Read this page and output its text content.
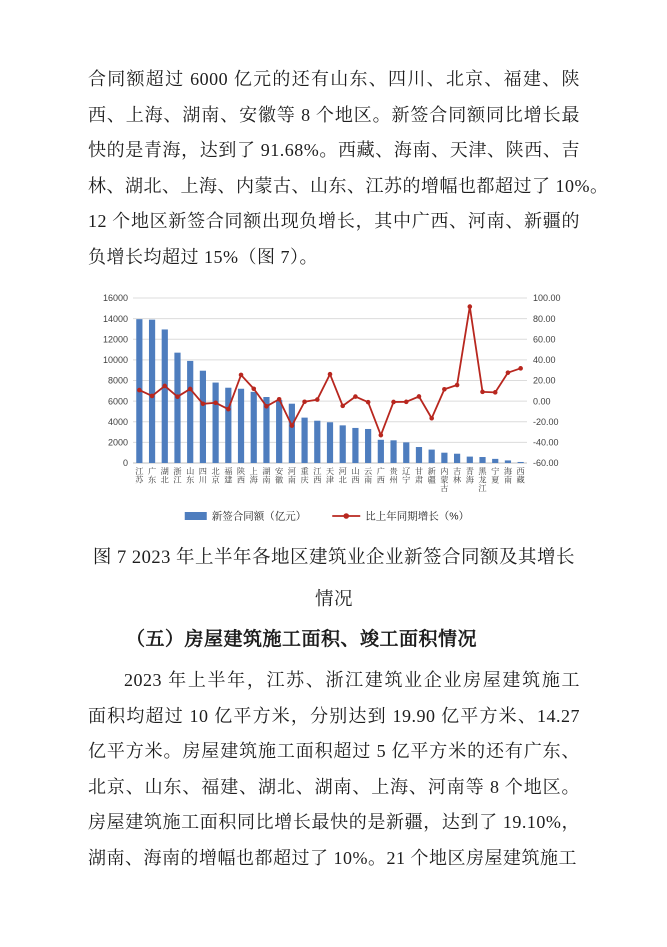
合同额超过 6000 亿元的还有山东、四川、北京、福建、陕
西、上海、湖南、安徽等 8 个地区。新签合同额同比增长最
快的是青海，达到了 91.68%。西藏、海南、天津、陕西、吉
林、湖北、上海、内蒙古、山东、江苏的增幅也都超过了 10%。
12 个地区新签合同额出现负增长，其中广西、河南、新疆的
负增长均超过 15%（图 7）。
16000
14000
12000
10000
8000
6000
4000
2000
0
100.00
80.00
60.00
40.00
20.00
0.00
-20.00
-40.00
-60.00
江苏
广东
湖北
浙江
山东
四川
北京
福建
陕西
上海
湖南
安徽
河南
重庆
江西
天津
河北
山西
云南
广西
贵州
辽宁
甘肃
新疆
内蒙古
吉林
青海
黑龙江
宁夏
海南
西藏
新签合同额（亿元）	比上年同期增长（%）
图 7 2023 年上半年各地区建筑业企业新签合同额及其增长
情况
（五）房屋建筑施工面积、竣工面积情况
2023 年上半年，江苏、浙江建筑业企业房屋建筑施工
面积均超过 10 亿平方米，分别达到 19.90 亿平方米、14.27
亿平方米。房屋建筑施工面积超过 5 亿平方米的还有广东、
北京、山东、福建、湖北、湖南、上海、河南等 8 个地区。
房屋建筑施工面积同比增长最快的是新疆，达到了 19.10%，
湖南、海南的增幅也都超过了 10%。21 个地区房屋建筑施工
